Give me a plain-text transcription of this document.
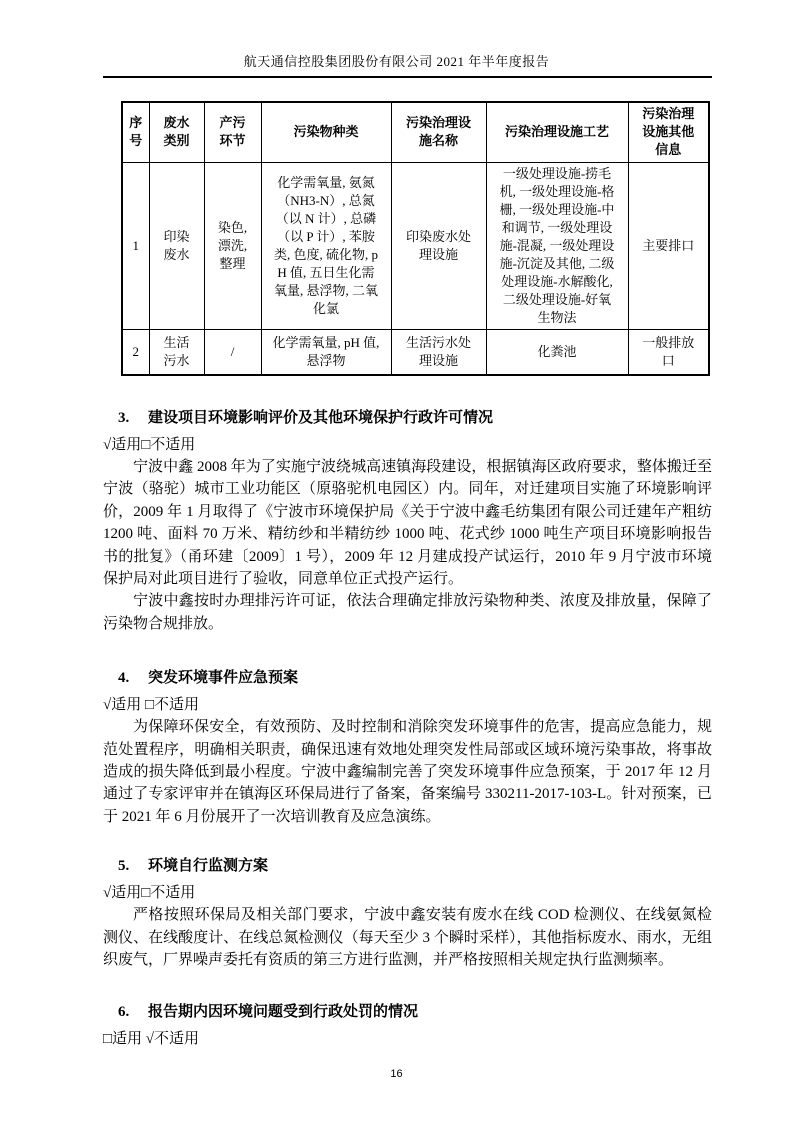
航天通信控股集团股份有限公司 2021 年半年度报告
序号	废水类别	产污环节	污染物种类	污染治理设施名称	污染治理设施工艺	污染治理设施其他信息
1	印染废水	染色, 漂洗, 整理	化学需氧量, 氨氮（NH3-N）, 总氮（以 N 计）, 总磷（以 P 计）, 苯胺类, 色度, 硫化物, pH 值, 五日生化需氧量, 悬浮物, 二氧化氯	印染废水处理设施	一级处理设施-捞毛机, 一级处理设施-格栅, 一级处理设施-中和调节, 一级处理设施-混凝, 一级处理设施-沉淀及其他, 二级处理设施-水解酸化, 二级处理设施-好氧生物法	主要排口
2	生活污水	/	化学需氧量, pH 值, 悬浮物	生活污水处理设施	化粪池	一般排放口
3. 建设项目环境影响评价及其他环境保护行政许可情况
√适用□不适用

宁波中鑫 2008 年为了实施宁波绕城高速镇海段建设，根据镇海区政府要求，整体搬迁至宁波（骆驼）城市工业功能区（原骆驼机电园区）内。同年，对迁建项目实施了环境影响评价，2009 年 1 月取得了《宁波市环境保护局《关于宁波中鑫毛纺集团有限公司迁建年产粗纺 1200 吨、面料 70 万米、精纺纱和半精纺纱 1000 吨、花式纱 1000 吨生产项目环境影响报告书的批复》（甬环建〔2009〕1 号），2009 年 12 月建成投产试运行，2010 年 9 月宁波市环境保护局对此项目进行了验收，同意单位正式投产运行。

宁波中鑫按时办理排污许可证，依法合理确定排放污染物种类、浓度及排放量，保障了污染物合规排放。

4. 突发环境事件应急预案
√适用 □不适用

为保障环保安全，有效预防、及时控制和消除突发环境事件的危害，提高应急能力，规范处置程序，明确相关职责，确保迅速有效地处理突发性局部或区域环境污染事故，将事故造成的损失降低到最小程度。宁波中鑫编制完善了突发环境事件应急预案，于 2017 年 12 月通过了专家评审并在镇海区环保局进行了备案，备案编号 330211-2017-103-L。针对预案，已于 2021 年 6 月份展开了一次培训教育及应急演练。

5. 环境自行监测方案
√适用□不适用

严格按照环保局及相关部门要求，宁波中鑫安装有废水在线 COD 检测仪、在线氨氮检测仪、在线酸度计、在线总氮检测仪（每天至少 3 个瞬时采样），其他指标废水、雨水，无组织废气，厂界噪声委托有资质的第三方进行监测，并严格按照相关规定执行监测频率。

6. 报告期内因环境问题受到行政处罚的情况
□适用 √不适用
16
